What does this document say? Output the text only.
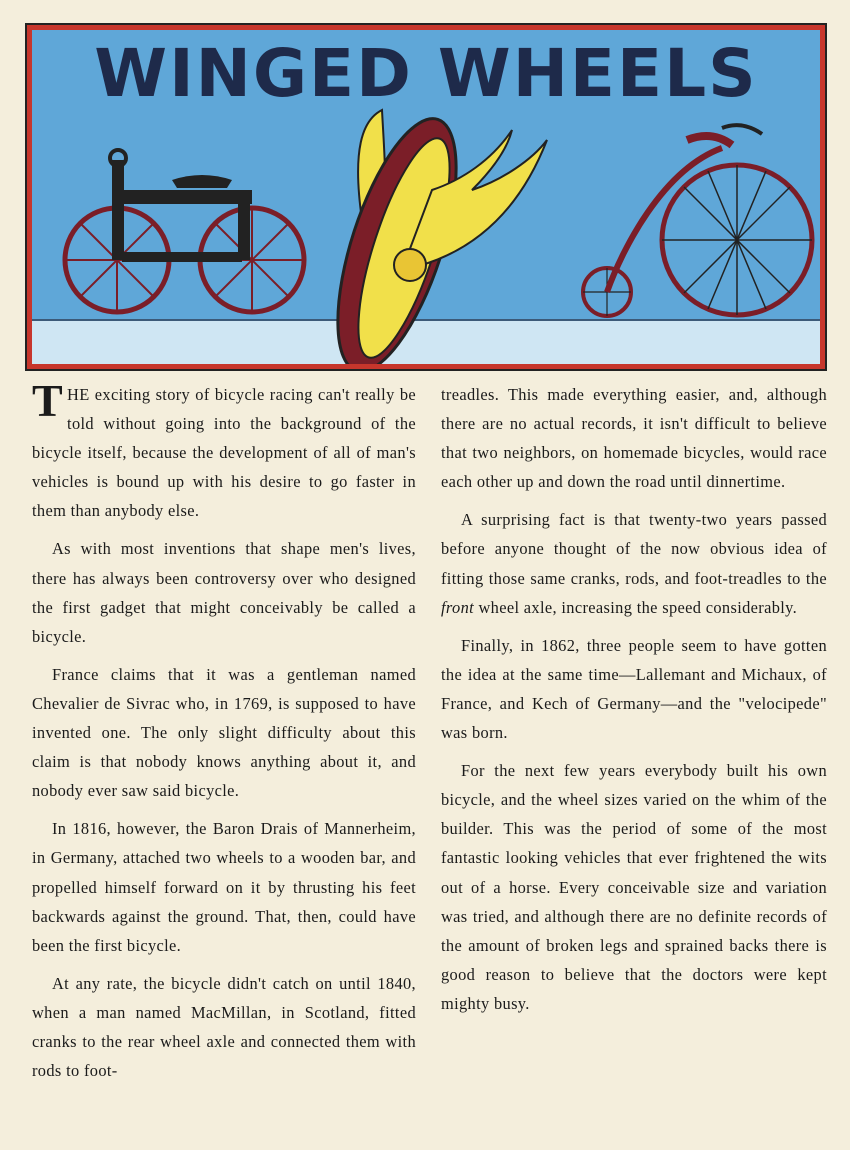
WINGED WHEELS

THE exciting story of bicycle racing can't really be told without going into the background of the bicycle itself, because the development of all of man's vehicles is bound up with his desire to go faster in them than anybody else.

As with most inventions that shape men's lives, there has always been controversy over who designed the first gadget that might conceivably be called a bicycle.

France claims that it was a gentleman named Chevalier de Sivrac who, in 1769, is supposed to have invented one. The only slight difficulty about this claim is that nobody knows anything about it, and nobody ever saw said bicycle.

In 1816, however, the Baron Drais of Mannerheim, in Germany, attached two wheels to a wooden bar, and propelled himself forward on it by thrusting his feet backwards against the ground. That, then, could have been the first bicycle.

At any rate, the bicycle didn't catch on until 1840, when a man named MacMillan, in Scotland, fitted cranks to the rear wheel axle and connected them with rods to foot-

treadles. This made everything easier, and, although there are no actual records, it isn't difficult to believe that two neighbors, on homemade bicycles, would race each other up and down the road until dinnertime.

A surprising fact is that twenty-two years passed before anyone thought of the now obvious idea of fitting those same cranks, rods, and foot-treadles to the front wheel axle, increasing the speed considerably.

Finally, in 1862, three people seem to have gotten the idea at the same time—Lallemant and Michaux, of France, and Kech of Germany—and the "velocipede" was born.

For the next few years everybody built his own bicycle, and the wheel sizes varied on the whim of the builder. This was the period of some of the most fantastic looking vehicles that ever frightened the wits out of a horse. Every conceivable size and variation was tried, and although there are no definite records of the amount of broken legs and sprained backs there is good reason to believe that the doctors were kept mighty busy.
